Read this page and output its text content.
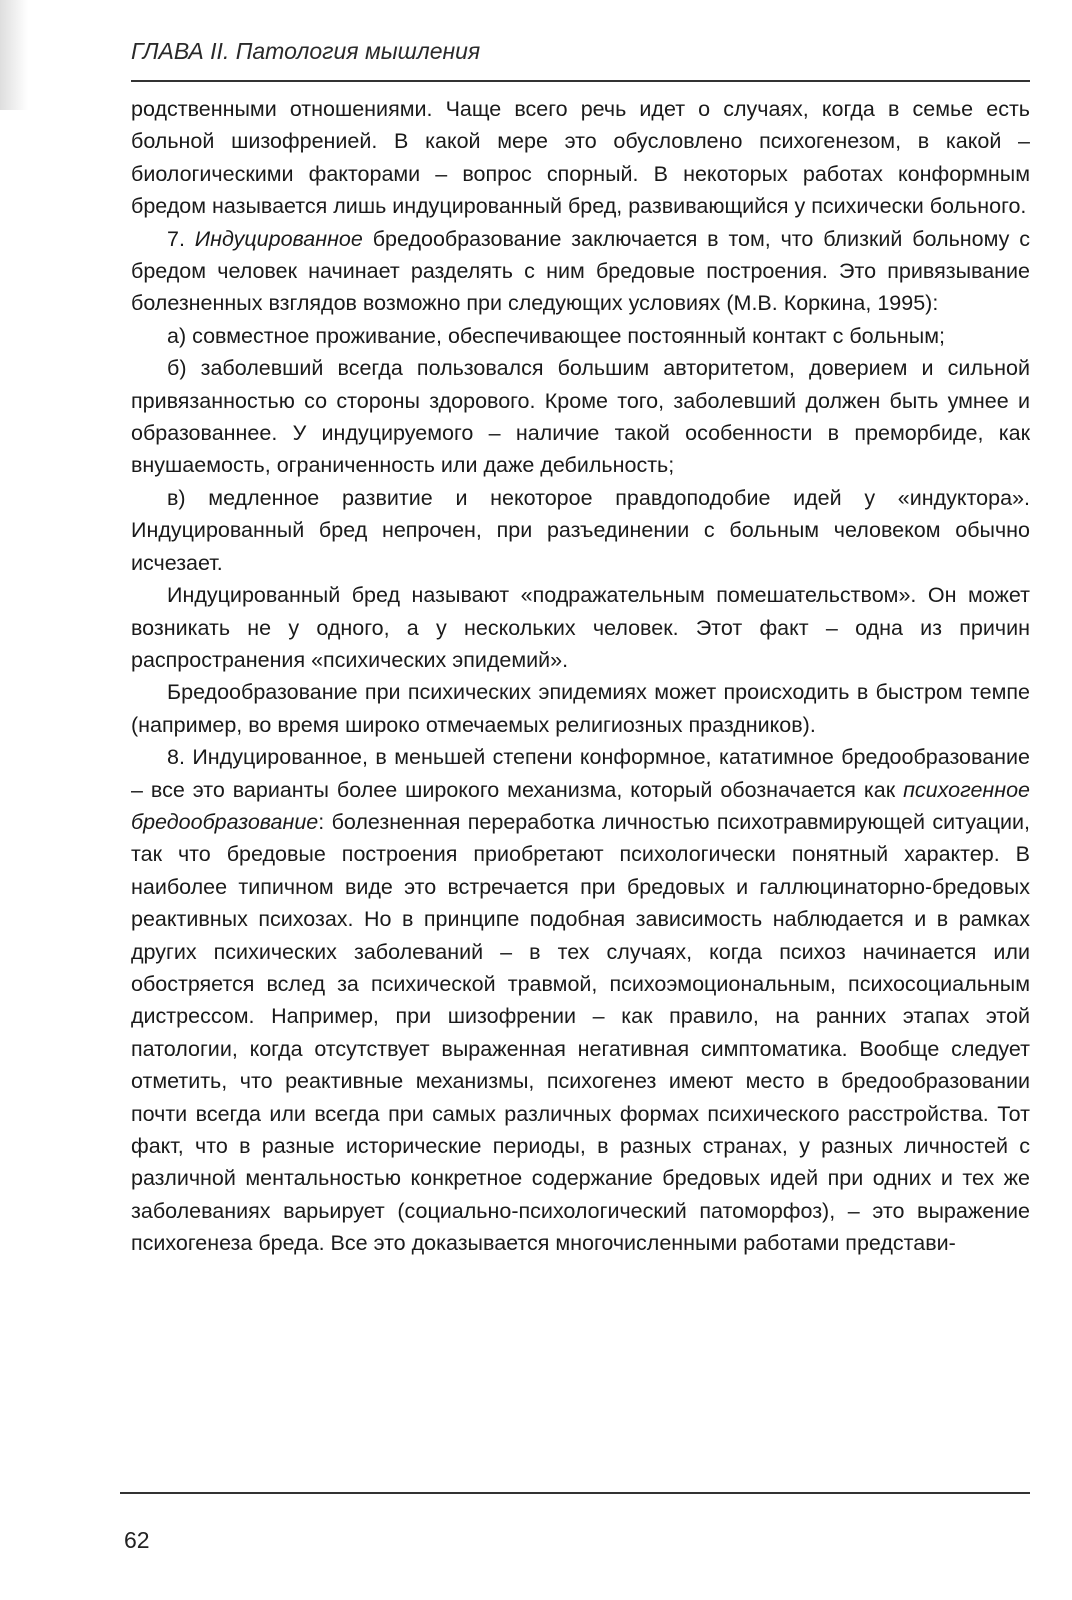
ГЛАВА II. Патология мышления

родственными отношениями. Чаще всего речь идет о случаях, когда в семье есть больной шизофренией. В какой мере это обусловлено психогенезом, в какой – биологическими факторами – вопрос спорный. В некоторых работах конформным бредом называется лишь индуцированный бред, развивающийся у психически больного.

7. Индуцированное бредообразование заключается в том, что близкий больному с бредом человек начинает разделять с ним бредовые построения. Это привязывание болезненных взглядов возможно при следующих условиях (М.В. Коркина, 1995):

а) совместное проживание, обеспечивающее постоянный контакт с больным;

б) заболевший всегда пользовался большим авторитетом, доверием и сильной привязанностью со стороны здорового. Кроме того, заболевший должен быть умнее и образованнее. У индуцируемого – наличие такой особенности в преморбиде, как внушаемость, ограниченность или даже дебильность;

в) медленное развитие и некоторое правдоподобие идей у «индуктора». Индуцированный бред непрочен, при разъединении с больным человеком обычно исчезает.

Индуцированный бред называют «подражательным помешательством». Он может возникать не у одного, а у нескольких человек. Этот факт – одна из причин распространения «психических эпидемий».

Бредообразование при психических эпидемиях может происходить в быстром темпе (например, во время широко отмечаемых религиозных праздников).

8. Индуцированное, в меньшей степени конформное, кататимное бредообразование – все это варианты более широкого механизма, который обозначается как психогенное бредообразование: болезненная переработка личностью психотравмирующей ситуации, так что бредовые построения приобретают психологически понятный характер. В наиболее типичном виде это встречается при бредовых и галлюцинаторно-бредовых реактивных психозах. Но в принципе подобная зависимость наблюдается и в рамках других психических заболеваний – в тех случаях, когда психоз начинается или обостряется вслед за психической травмой, психоэмоциональным, психосоциальным дистрессом. Например, при шизофрении – как правило, на ранних этапах этой патологии, когда отсутствует выраженная негативная симптоматика. Вообще следует отметить, что реактивные механизмы, психогенез имеют место в бредообразовании почти всегда или всегда при самых различных формах психического расстройства. Тот факт, что в разные исторические периоды, в разных странах, у разных личностей с различной ментальностью конкретное содержание бредовых идей при одних и тех же заболеваниях варьирует (социально-психологический патоморфоз), – это выражение психогенеза бреда. Все это доказывается многочисленными работами представи-

62
